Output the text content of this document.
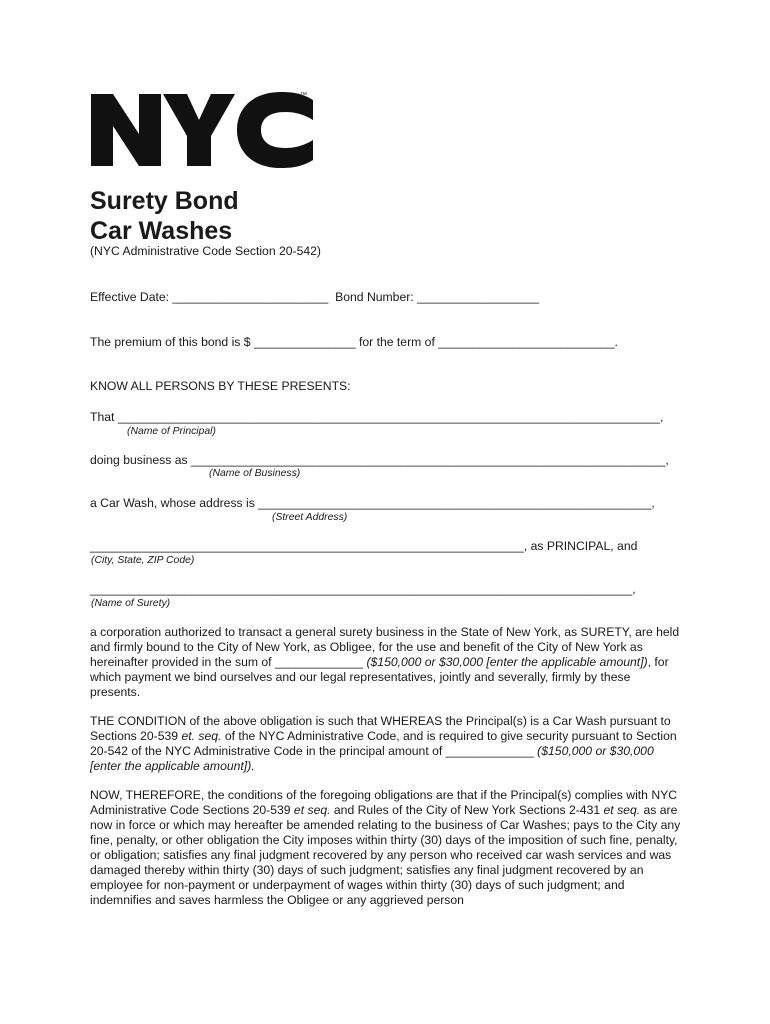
™
Surety Bond
Car Washes

(NYC Administrative Code Section 20-542)

Effective Date: _______________________  Bond Number: __________________

The premium of this bond is $ _______________ for the term of __________________________.

KNOW ALL PERSONS BY THESE PRESENTS:

That ________________________________________________________________________________,

(Name of Principal)

doing business as ______________________________________________________________________,

(Name of Business)

a Car Wash, whose address is __________________________________________________________,

(Street Address)

________________________________________________________________, as PRINCIPAL, and

(City, State, ZIP Code)

________________________________________________________________________________,

(Name of Surety)

a corporation authorized to transact a general surety business in the State of New York, as SURETY, are held and firmly bound to the City of New York, as Obligee, for the use and benefit of the City of New York as hereinafter provided in the sum of _____________ ($150,000 or $30,000 [enter the applicable amount]), for which payment we bind ourselves and our legal representatives, jointly and severally, firmly by these presents.

THE CONDITION of the above obligation is such that WHEREAS the Principal(s) is a Car Wash pursuant to Sections 20-539 et. seq. of the NYC Administrative Code, and is required to give security pursuant to Section 20-542 of the NYC Administrative Code in the principal amount of _____________ ($150,000 or $30,000 [enter the applicable amount]).

NOW, THEREFORE, the conditions of the foregoing obligations are that if the Principal(s) complies with NYC Administrative Code Sections 20-539 et seq. and Rules of the City of New York Sections 2-431 et seq. as are now in force or which may hereafter be amended relating to the business of Car Washes; pays to the City any fine, penalty, or other obligation the City imposes within thirty (30) days of the imposition of such fine, penalty, or obligation; satisfies any final judgment recovered by any person who received car wash services and was damaged thereby within thirty (30) days of such judgment; satisfies any final judgment recovered by an employee for non-payment or underpayment of wages within thirty (30) days of such judgment; and indemnifies and saves harmless the Obligee or any aggrieved person
